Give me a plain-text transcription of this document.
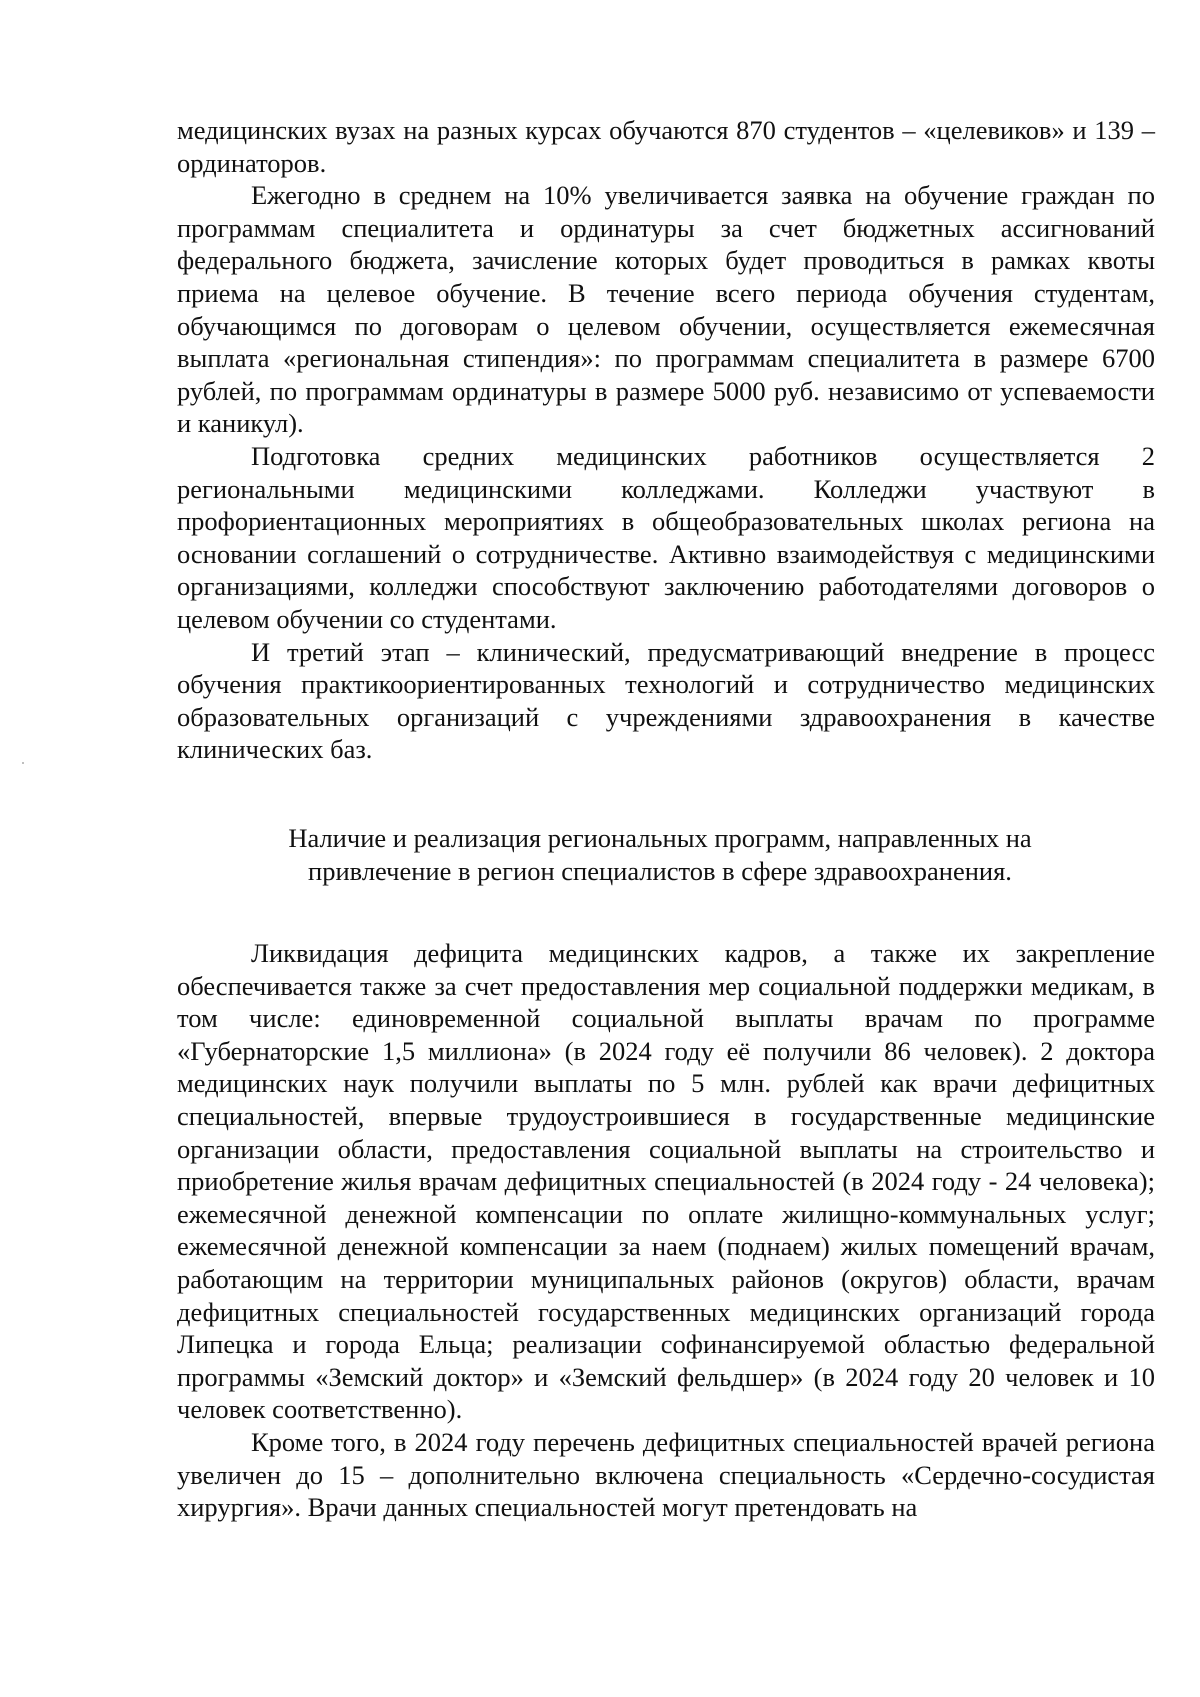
медицинских вузах на разных курсах обучаются 870 студентов – «целевиков» и 139 – ординаторов.

Ежегодно в среднем на 10% увеличивается заявка на обучение граждан по программам специалитета и ординатуры за счет бюджетных ассигнований федерального бюджета, зачисление которых будет проводиться в рамках квоты приема на целевое обучение. В течение всего периода обучения студентам, обучающимся по договорам о целевом обучении, осуществляется ежемесячная выплата «региональная стипендия»: по программам специалитета в размере 6700 рублей, по программам ординатуры в размере 5000 руб. независимо от успеваемости и каникул).

Подготовка средних медицинских работников осуществляется 2 региональными медицинскими колледжами. Колледжи участвуют в профориентационных мероприятиях в общеобразовательных школах региона на основании соглашений о сотрудничестве. Активно взаимодействуя с медицинскими организациями, колледжи способствуют заключению работодателями договоров о целевом обучении со студентами.

И третий этап – клинический, предусматривающий внедрение в процесс обучения практикоориентированных технологий и сотрудничество медицинских образовательных организаций с учреждениями здравоохранения в качестве клинических баз.

Наличие и реализация региональных программ, направленных на
привлечение в регион специалистов в сфере здравоохранения.

Ликвидация дефицита медицинских кадров, а также их закрепление обеспечивается также за счет предоставления мер социальной поддержки медикам, в том числе: единовременной социальной выплаты врачам по программе «Губернаторские 1,5 миллиона» (в 2024 году её получили 86 человек). 2 доктора медицинских наук получили выплаты по 5 млн. рублей как врачи дефицитных специальностей, впервые трудоустроившиеся в государственные медицинские организации области, предоставления социальной выплаты на строительство и приобретение жилья врачам дефицитных специальностей (в 2024 году - 24 человека); ежемесячной денежной компенсации по оплате жилищно-коммунальных услуг; ежемесячной денежной компенсации за наем (поднаем) жилых помещений врачам, работающим на территории муниципальных районов (округов) области, врачам дефицитных специальностей государственных медицинских организаций города Липецка и города Ельца; реализации софинансируемой областью федеральной программы «Земский доктор» и «Земский фельдшер» (в 2024 году 20 человек и 10 человек соответственно).

Кроме того, в 2024 году перечень дефицитных специальностей врачей региона увеличен до 15 – дополнительно включена специальность «Сердечно-сосудистая хирургия». Врачи данных специальностей могут претендовать на
